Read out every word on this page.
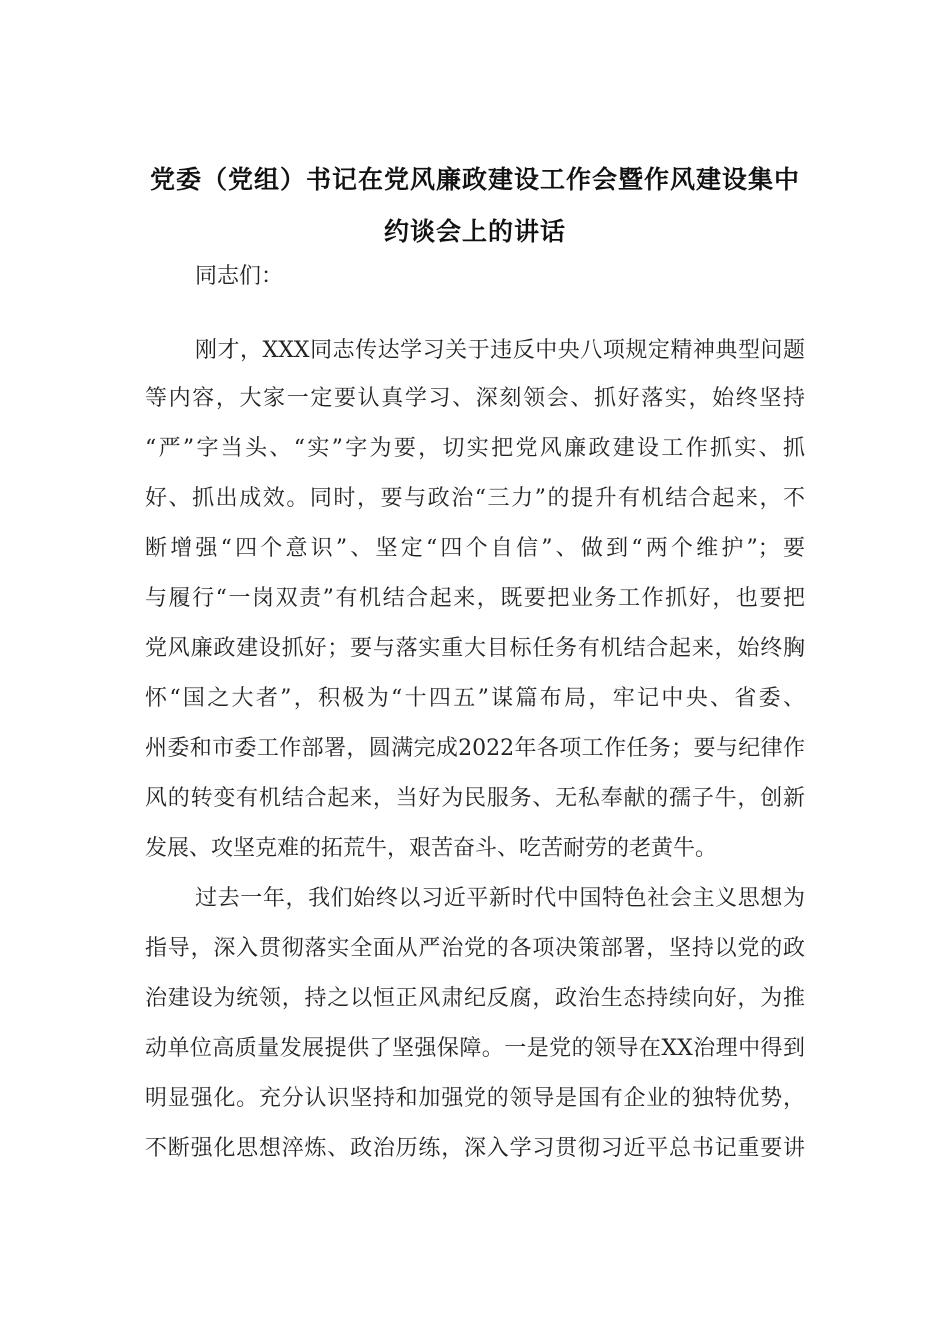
党委（党组）书记在党风廉政建设工作会暨作风建设集中
约谈会上的讲话
同志们：
刚才，XXX同志传达学习关于违反中央八项规定精神典型问题
等内容，大家一定要认真学习、深刻领会、抓好落实，始终坚持
“严”字当头、“实”字为要，切实把党风廉政建设工作抓实、抓
好、抓出成效。同时，要与政治“三力”的提升有机结合起来，不
断增强“四个意识”、坚定“四个自信”、做到“两个维护”；要
与履行“一岗双责”有机结合起来，既要把业务工作抓好，也要把
党风廉政建设抓好；要与落实重大目标任务有机结合起来，始终胸
怀“国之大者”，积极为“十四五”谋篇布局，牢记中央、省委、
州委和市委工作部署，圆满完成2022年各项工作任务；要与纪律作
风的转变有机结合起来，当好为民服务、无私奉献的孺子牛，创新
发展、攻坚克难的拓荒牛，艰苦奋斗、吃苦耐劳的老黄牛。
过去一年，我们始终以习近平新时代中国特色社会主义思想为
指导，深入贯彻落实全面从严治党的各项决策部署，坚持以党的政
治建设为统领，持之以恒正风肃纪反腐，政治生态持续向好，为推
动单位高质量发展提供了坚强保障。一是党的领导在XX治理中得到
明显强化。充分认识坚持和加强党的领导是国有企业的独特优势，
不断强化思想淬炼、政治历练，深入学习贯彻习近平总书记重要讲
